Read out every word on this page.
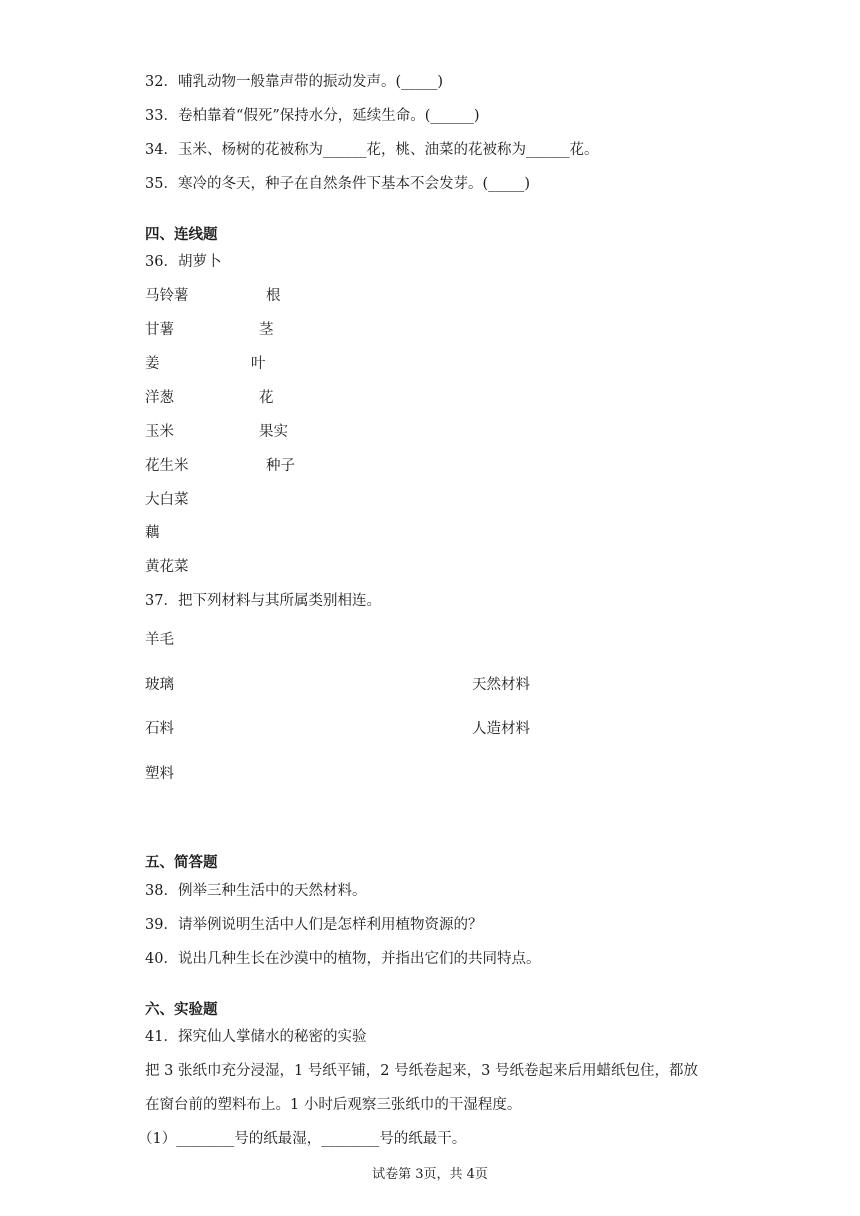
32．哺乳动物一般靠声带的振动发声。(_____)
33．卷柏靠着“假死”保持水分，延续生命。(______)
34．玉米、杨树的花被称为______花，桃、油菜的花被称为______花。
35．寒冷的冬天，种子在自然条件下基本不会发芽。(_____)
四、连线题
36．胡萝卜
马铃薯
甘薯
姜
洋葱
玉米
花生米
大白菜
藕
黄花菜
根
茎
叶
花
果实
种子
37．把下列材料与其所属类别相连。
羊毛
玻璃
石料
塑料
天然材料
人造材料
五、简答题
38．例举三种生活中的天然材料。
39．请举例说明生活中人们是怎样利用植物资源的？
40．说出几种生长在沙漠中的植物，并指出它们的共同特点。
六、实验题
41．探究仙人掌储水的秘密的实验
把 3 张纸巾充分浸湿，1 号纸平铺，2 号纸卷起来，3 号纸卷起来后用蜡纸包住，都放
在窗台前的塑料布上。1 小时后观察三张纸巾的干湿程度。
（1）________号的纸最湿，________号的纸最干。
试卷第 3页，共 4页
